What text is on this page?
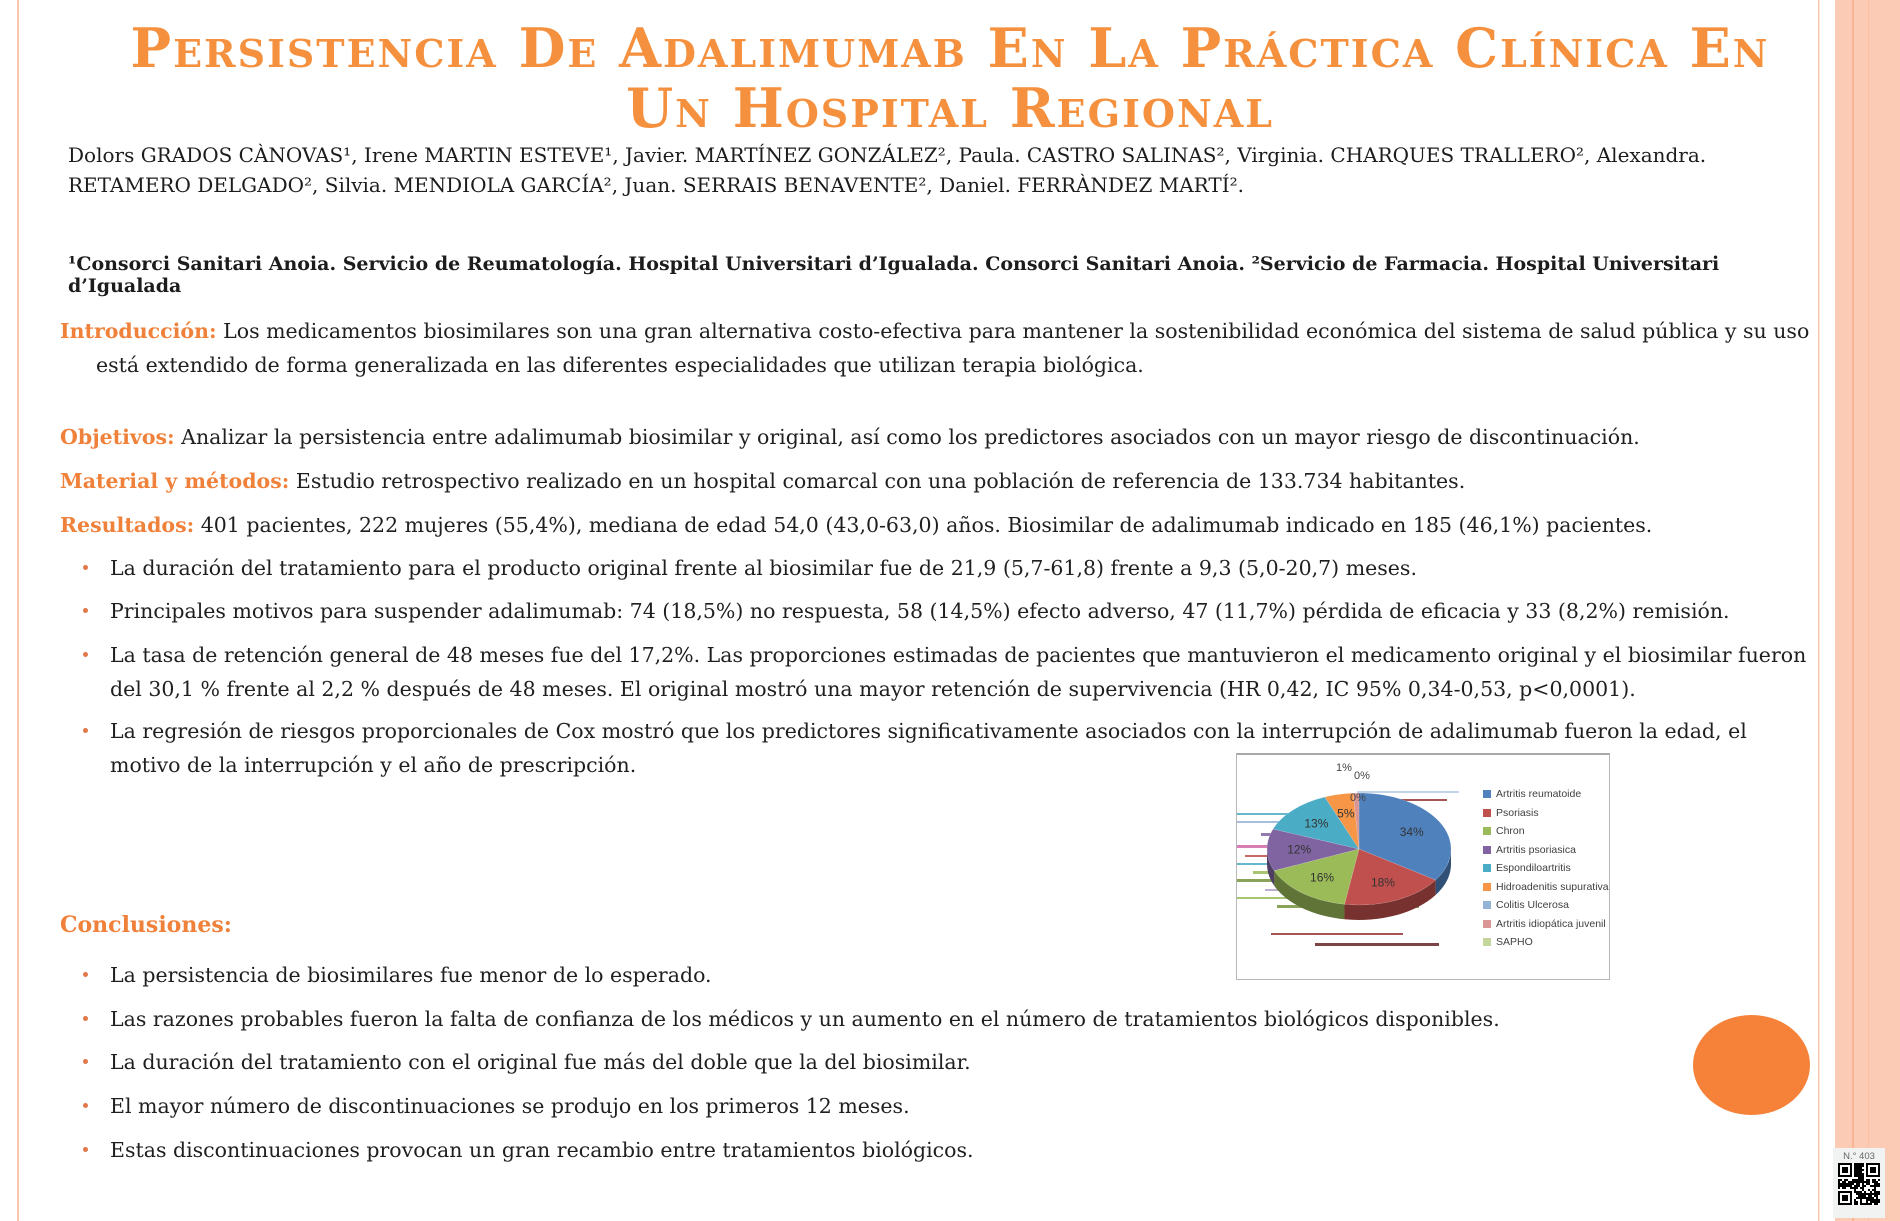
Persistencia De Adalimumab En La Práctica Clínica En Un Hospital Regional
Dolors GRADOS CÀNOVAS¹, Irene MARTIN ESTEVE¹, Javier. MARTÍNEZ GONZÁLEZ², Paula. CASTRO SALINAS², Virginia. CHARQUES TRALLERO², Alexandra. RETAMERO DELGADO², Silvia. MENDIOLA GARCÍA², Juan. SERRAIS BENAVENTE², Daniel. FERRÀNDEZ MARTÍ².
¹Consorci Sanitari Anoia. Servicio de Reumatología. Hospital Universitari d’Igualada. Consorci Sanitari Anoia. ²Servicio de Farmacia. Hospital Universitari d’Igualada
Introducción: Los medicamentos biosimilares son una gran alternativa costo-efectiva para mantener la sostenibilidad económica del sistema de salud pública y su uso está extendido de forma generalizada en las diferentes especialidades que utilizan terapia biológica.
Objetivos: Analizar la persistencia entre adalimumab biosimilar y original, así como los predictores asociados con un mayor riesgo de discontinuación.
Material y métodos: Estudio retrospectivo realizado en un hospital comarcal con una población de referencia de 133.734 habitantes.
Resultados: 401 pacientes, 222 mujeres (55,4%), mediana de edad 54,0 (43,0-63,0) años. Biosimilar de adalimumab indicado en 185 (46,1%) pacientes.
La duración del tratamiento para el producto original frente al biosimilar fue de 21,9 (5,7-61,8) frente a 9,3 (5,0-20,7) meses.
Principales motivos para suspender adalimumab: 74 (18,5%) no respuesta, 58 (14,5%) efecto adverso, 47 (11,7%) pérdida de eficacia y 33 (8,2%) remisión.
La tasa de retención general de 48 meses fue del 17,2%. Las proporciones estimadas de pacientes que mantuvieron el medicamento original y el biosimilar fueron del 30,1 % frente al 2,2 % después de 48 meses. El original mostró una mayor retención de supervivencia (HR 0,42, IC 95% 0,34-0,53, p<0,0001).
La regresión de riesgos proporcionales de Cox mostró que los predictores significativamente asociados con la interrupción de adalimumab fueron la edad, el motivo de la interrupción y el año de prescripción.
34%
18%
16%
12%
13%
5%
1%
0%
0%	Artritis reumatoide
Psoriasis
Chron
Artritis psoriasica
Espondiloartritis
Hidroadenitis supurativa
Colitis Ulcerosa
Artritis idiopática juvenil
SAPHO
Conclusiones:
La persistencia de biosimilares fue menor de lo esperado.
Las razones probables fueron la falta de confianza de los médicos y un aumento en el número de tratamientos biológicos disponibles.
La duración del tratamiento con el original fue más del doble que la del biosimilar.
El mayor número de discontinuaciones se produjo en los primeros 12 meses.
Estas discontinuaciones provocan un gran recambio entre tratamientos biológicos.	N.° 403
